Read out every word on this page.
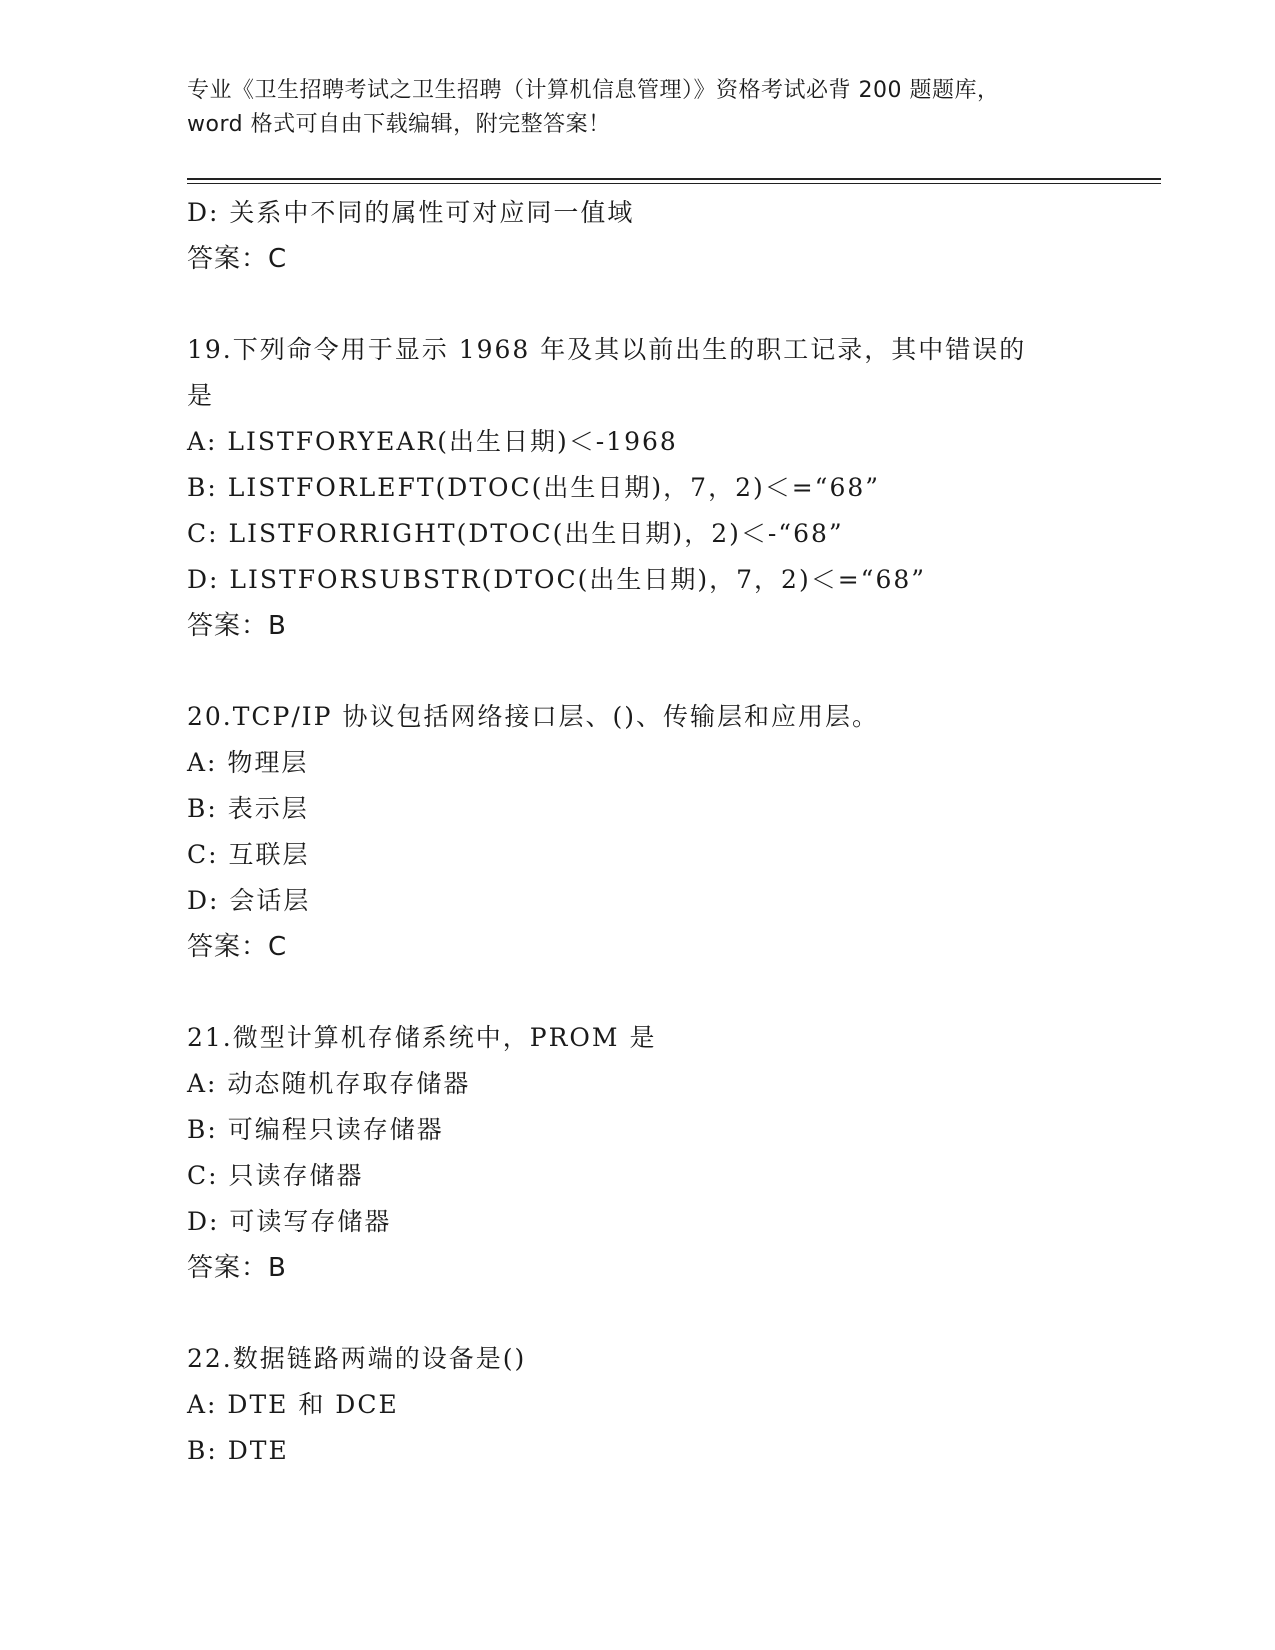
专业《卫生招聘考试之卫生招聘（计算机信息管理）》资格考试必背 200 题题库，
word 格式可自由下载编辑，附完整答案！
D: 关系中不同的属性可对应同一值域
答案：C
19.下列命令用于显示 1968 年及其以前出生的职工记录，其中错误的
是
A: LISTFORYEAR(出生日期)＜-1968
B: LISTFORLEFT(DTOC(出生日期)，7，2)＜=“68”
C: LISTFORRIGHT(DTOC(出生日期)，2)＜-“68”
D: LISTFORSUBSTR(DTOC(出生日期)，7，2)＜=“68”
答案：B
20.TCP/IP 协议包括网络接口层、()、传输层和应用层。
A: 物理层
B: 表示层
C: 互联层
D: 会话层
答案：C
21.微型计算机存储系统中，PROM 是
A: 动态随机存取存储器
B: 可编程只读存储器
C: 只读存储器
D: 可读写存储器
答案：B
22.数据链路两端的设备是()
A: DTE 和 DCE
B: DTE
